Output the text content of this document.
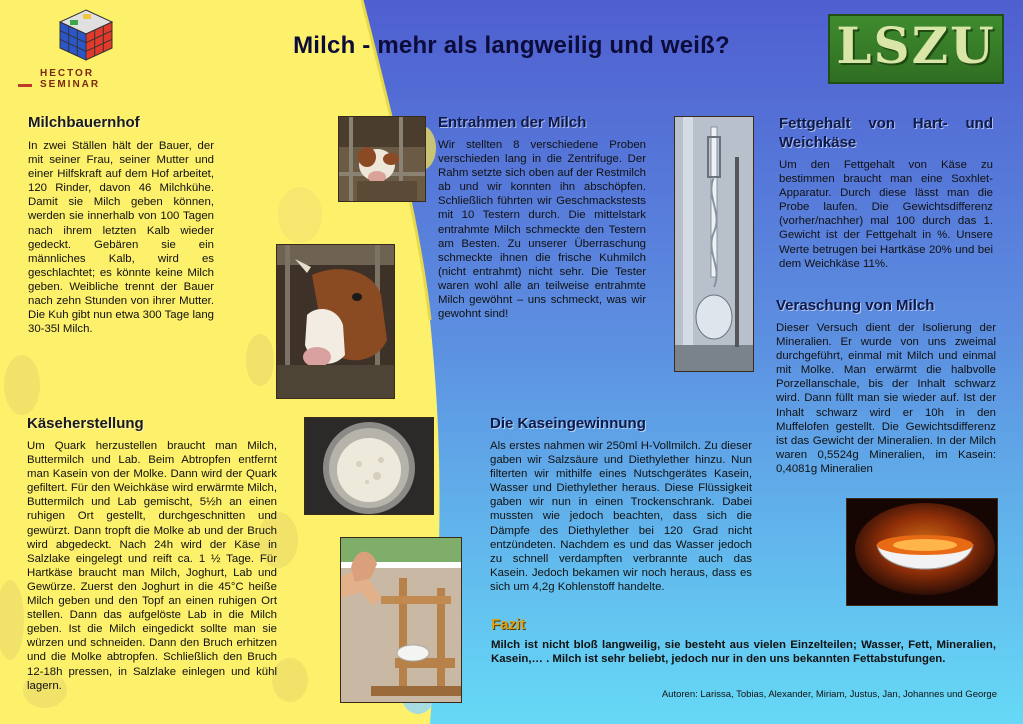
HECTOR SEMINAR
Milch - mehr als langweilig und weiß?	LSZU
Milchbauernhof

In zwei Ställen hält der Bauer, der mit seiner Frau, seiner Mutter und einer Hilfskraft auf dem Hof arbeitet, 120 Rinder, davon 46 Milchkühe. Damit sie Milch geben können, werden sie innerhalb von 100 Tagen nach ihrem letzten Kalb wieder gedeckt. Gebären sie ein männliches Kalb, wird es geschlachtet; es könnte keine Milch geben. Weibliche trennt der Bauer nach zehn Stunden von ihrer Mutter. Die Kuh gibt nun etwa 300 Tage lang 30-35l Milch.

Entrahmen der Milch

Wir stellten 8 verschiedene Proben verschieden lang in die Zentrifuge. Der Rahm setzte sich oben auf der Restmilch ab und wir konnten ihn abschöpfen. Schließlich führten wir Geschmackstests mit 10 Testern durch. Die mittelstark entrahmte Milch schmeckte den Testern am Besten. Zu unserer Überraschung schmeckte ihnen die frische Kuhmilch (nicht entrahmt) nicht sehr. Die Tester waren wohl alle an teilweise entrahmte Milch gewöhnt – uns schmeckt, was wir gewohnt sind!

Fettgehalt von Hart- und Weichkäse

Um den Fettgehalt von Käse zu bestimmen braucht man eine Soxhlet-Apparatur. Durch diese lässt man die Probe laufen. Die Gewichtsdifferenz (vorher/nachher) mal 100 durch das 1. Gewicht ist der Fettgehalt in %. Unsere Werte betrugen bei Hartkäse 20% und bei dem Weichkäse 11%.

Veraschung von Milch

Dieser Versuch dient der Isolierung der Mineralien. Er wurde von uns zweimal durchgeführt, einmal mit Milch und einmal mit Molke. Man erwärmt die halbvolle Porzellanschale, bis der Inhalt schwarz wird. Dann füllt man sie wieder auf. Ist der Inhalt schwarz wird er 10h in den Muffelofen gestellt. Die Gewichtsdifferenz ist das Gewicht der Mineralien. In der Milch waren 0,5524g Mineralien, im Kasein: 0,4081g Mineralien

Käseherstellung

Um Quark herzustellen braucht man Milch, Buttermilch und Lab. Beim Abtropfen entfernt man Kasein von der Molke. Dann wird der Quark gefiltert. Für den Weichkäse wird erwärmte Milch, Buttermilch und Lab gemischt, 5½h an einen ruhigen Ort gestellt, durchgeschnitten und gewürzt. Dann tropft die Molke ab und der Bruch wird abgedeckt. Nach 24h wird der Käse in Salzlake eingelegt und reift ca. 1 ½ Tage. Für Hartkäse braucht man Milch, Joghurt, Lab und Gewürze. Zuerst den Joghurt in die 45°C heiße Milch geben und den Topf an einen ruhigen Ort stellen. Dann das aufgelöste Lab in die Milch geben. Ist die Milch eingedickt sollte man sie würzen und schneiden. Dann den Bruch erhitzen und die Molke abtropfen. Schließlich den Bruch 12-18h pressen, in Salzlake einlegen und kühl lagern.

Die Kaseingewinnung

Als erstes nahmen wir 250ml H-Vollmilch. Zu dieser gaben wir Salzsäure und Diethylether hinzu. Nun filterten wir mithilfe eines Nutschgerätes Kasein, Wasser und Diethylether heraus. Diese Flüssigkeit gaben wir nun in einen Trockenschrank. Dabei mussten wie jedoch beachten, dass sich die Dämpfe des Diethylether bei 120 Grad nicht entzündeten. Nachdem es und das Wasser jedoch zu schnell verdampften verbrannte auch das Kasein. Jedoch bekamen wir noch heraus, dass es sich um 4,2g Kohlenstoff handelte.

Fazit

Milch ist nicht bloß langweilig, sie besteht aus vielen Einzelteilen; Wasser, Fett, Mineralien, Kasein,… . Milch ist sehr beliebt, jedoch nur in den uns bekannten Fettabstufungen.

Autoren: Larissa, Tobias, Alexander, Miriam, Justus, Jan, Johannes und George
